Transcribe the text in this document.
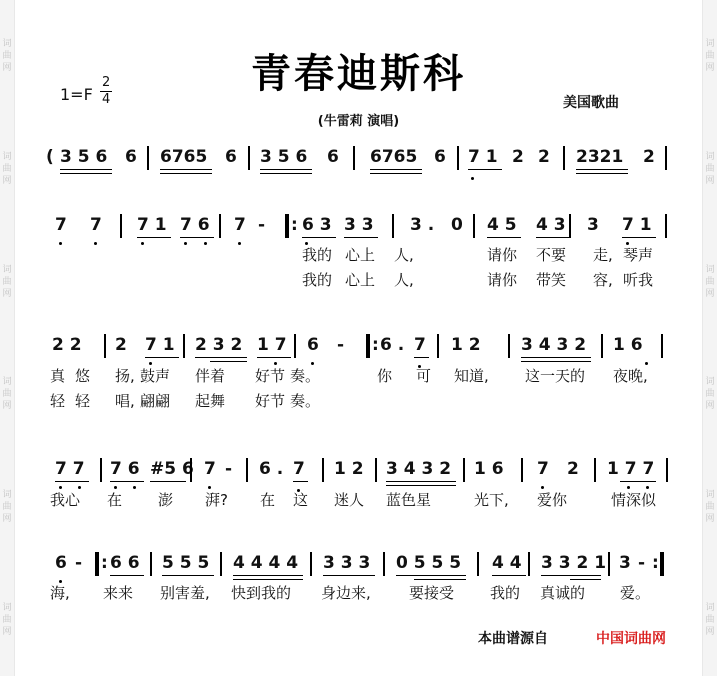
词
曲
网
词
曲
网
词
曲
网
词
曲
网
词
曲
网
词
曲
网
词
曲
网
词
曲
网
词
曲
网
词
曲
网
词
曲
网
词
曲
网
青春迪斯科
1=F
2
4	美国歌曲
(牛雷莉 演唱)
( 3 5 6 6 6765 6 3 5 6 6 6765 6 7 1 2 2 2321 2
7 7 7 1 7 6 7 - : 6 3 3 3 3 . 0 4 5 4 3 3 7 1
我的 心上 人,	请你 不要 走, 琴声
我的 心上 人,	请你 带笑 容, 听我
2 2 2 7 1 2 3 2 1 7 6 - : 6 . 7 1 2 3 4 3 2 1 6
真 悠 扬, 鼓声 伴着 好节 奏。	你 可 知道, 这一天的 夜晚,
轻 轻 唱, 翩翩 起舞 好节 奏。
7 7 7 6 #5 6 7 - 6 . 7 1 2 3 4 3 2 1 6 7 2 1 7 7
我心 在 澎 湃? 在 这 迷人 蓝色星	光下, 爱你	情深似
6 - : 6 6 5 5 5 4 4 4 4 3 3 3 0 5 5 5 4 4 3 3 2 1 3 - :
海, 来来 别害羞, 快到我的 身边来,	要接受 我的 真诚的 爱。
本曲谱源自	中国词曲网
